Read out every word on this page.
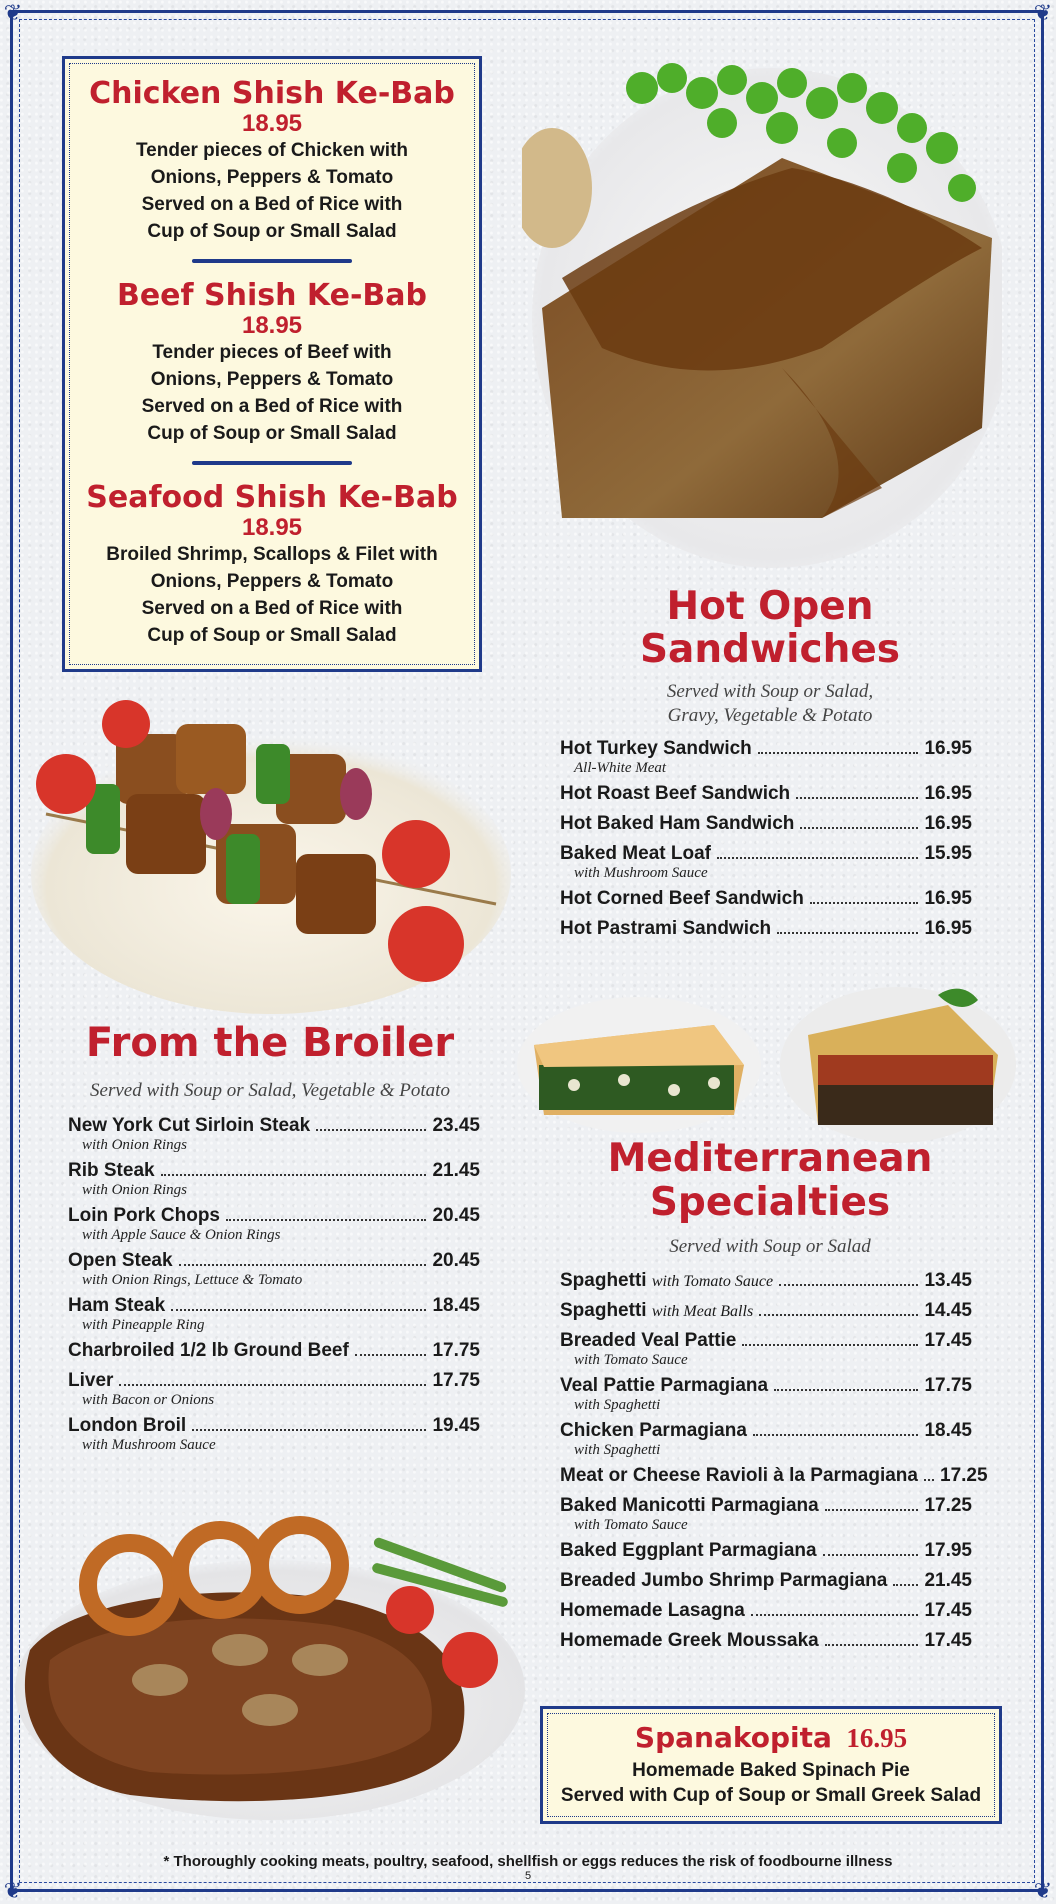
❦	❦
❦	❦
Chicken Shish Ke-Bab
18.95
Tender pieces of Chicken with
Onions, Peppers & Tomato
Served on a Bed of Rice with
Cup of Soup or Small Salad
Beef Shish Ke-Bab
18.95
Tender pieces of Beef with
Onions, Peppers & Tomato
Served on a Bed of Rice with
Cup of Soup or Small Salad
Seafood Shish Ke-Bab
18.95
Broiled Shrimp, Scallops & Filet with
Onions, Peppers & Tomato
Served on a Bed of Rice with
Cup of Soup or Small Salad
Hot Open
Sandwiches
Served with Soup or Salad,
Gravy, Vegetable & Potato
Hot Turkey Sandwich	16.95
All-White Meat
Hot Roast Beef Sandwich	16.95
Hot Baked Ham Sandwich	16.95
Baked Meat Loaf	15.95
with Mushroom Sauce
Hot Corned Beef Sandwich	16.95
Hot Pastrami Sandwich	16.95
From the Broiler
Served with Soup or Salad, Vegetable & Potato
New York Cut Sirloin Steak	23.45
with Onion Rings
Rib Steak	21.45
with Onion Rings
Loin Pork Chops	20.45
with Apple Sauce & Onion Rings
Open Steak	20.45
with Onion Rings, Lettuce & Tomato
Ham Steak	18.45
with Pineapple Ring
Charbroiled 1/2 lb Ground Beef	17.75
Liver	17.75
with Bacon or Onions
London Broil	19.45
with Mushroom Sauce
Mediterranean
Specialties
Served with Soup or Salad
Spaghetti with Tomato Sauce	13.45
Spaghetti with Meat Balls	14.45
Breaded Veal Pattie	17.45
with Tomato Sauce
Veal Pattie Parmagiana	17.75
with Spaghetti
Chicken Parmagiana	18.45
with Spaghetti
Meat or Cheese Ravioli à la Parmagiana 17.25
Baked Manicotti Parmagiana	17.25
with Tomato Sauce
Baked Eggplant Parmagiana	17.95
Breaded Jumbo Shrimp Parmagiana 21.45
Homemade Lasagna	17.45
Homemade Greek Moussaka	17.45
Spanakopita 16.95
Homemade Baked Spinach Pie
Served with Cup of Soup or Small Greek Salad
* Thoroughly cooking meats, poultry, seafood, shellfish or eggs reduces the risk of foodbourne illness
5
